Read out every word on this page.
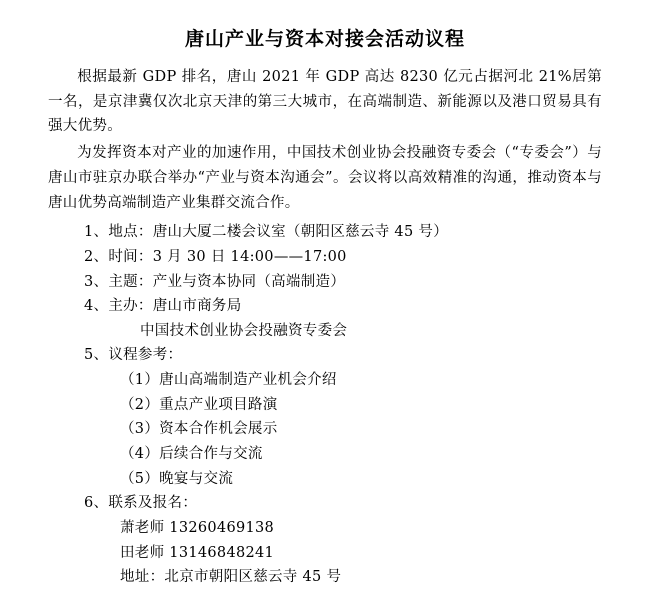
唐山产业与资本对接会活动议程

根据最新 GDP 排名，唐山 2021 年 GDP 高达 8230 亿元占据河北 21%居第一名，是京津冀仅次北京天津的第三大城市，在高端制造、新能源以及港口贸易具有强大优势。

为发挥资本对产业的加速作用，中国技术创业协会投融资专委会（“专委会”）与唐山市驻京办联合举办“产业与资本沟通会”。会议将以高效精准的沟通，推动资本与唐山优势高端制造产业集群交流合作。

1、地点：唐山大厦二楼会议室（朝阳区慈云寺 45 号）
2、时间：3 月 30 日 14:00——17:00
3、主题：产业与资本协同（高端制造）
4、主办：唐山市商务局
中国技术创业协会投融资专委会
5、议程参考：
（1）唐山高端制造产业机会介绍
（2）重点产业项目路演
（3）资本合作机会展示
（4）后续合作与交流
（5）晚宴与交流
6、联系及报名：
萧老师 13260469138
田老师 13146848241
地址：北京市朝阳区慈云寺 45 号
